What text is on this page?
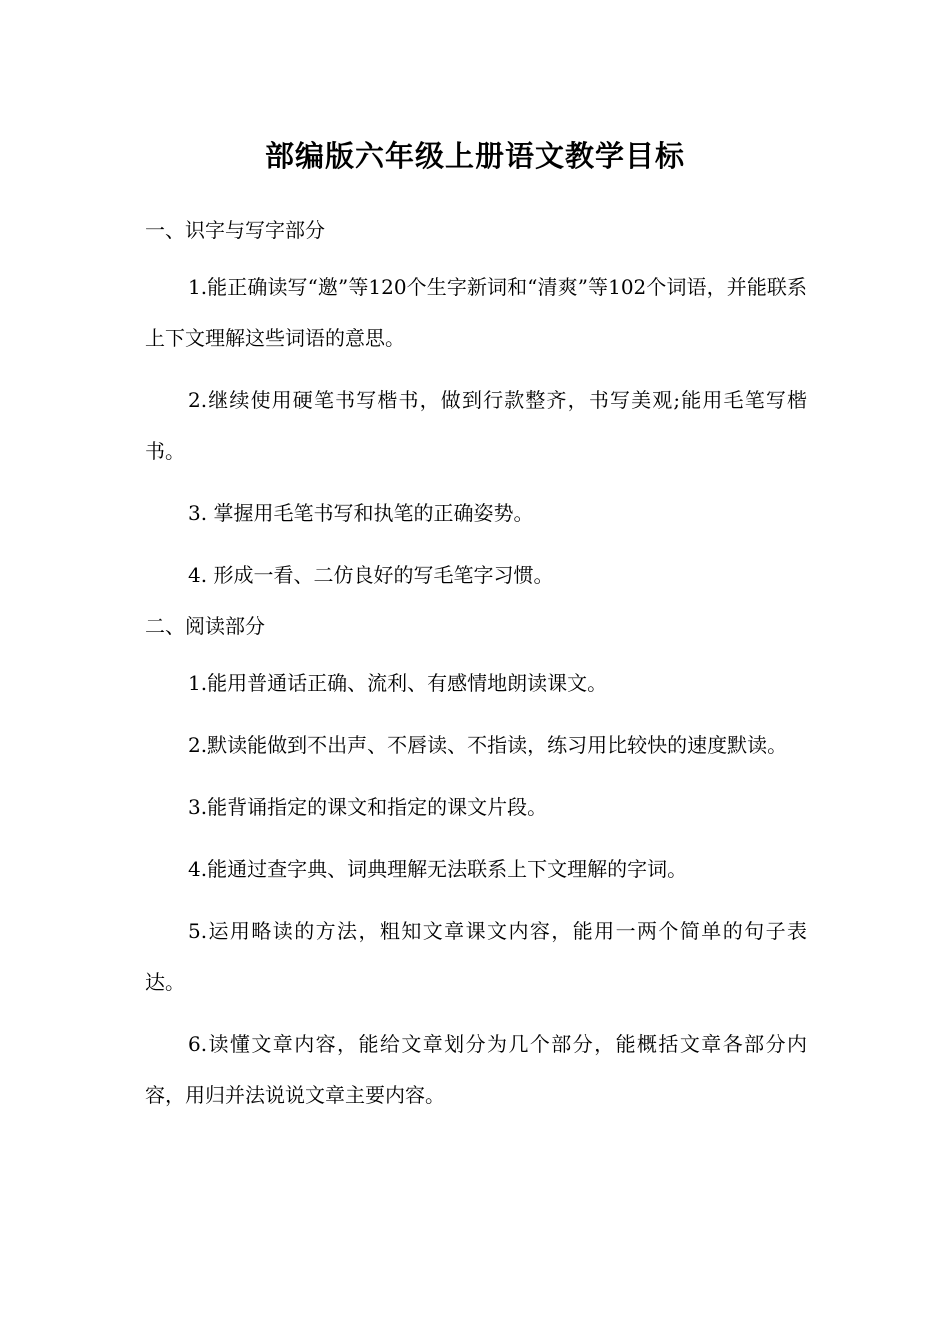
部编版六年级上册语文教学目标
一、识字与写字部分

1.能正确读写“邀”等120个生字新词和“清爽”等102个词语，并能联系上下文理解这些词语的意思。

2.继续使用硬笔书写楷书，做到行款整齐，书写美观;能用毛笔写楷书。

3. 掌握用毛笔书写和执笔的正确姿势。

4. 形成一看、二仿良好的写毛笔字习惯。

二、阅读部分

1.能用普通话正确、流利、有感情地朗读课文。

2.默读能做到不出声、不唇读、不指读，练习用比较快的速度默读。

3.能背诵指定的课文和指定的课文片段。

4.能通过查字典、词典理解无法联系上下文理解的字词。

5.运用略读的方法，粗知文章课文内容，能用一两个简单的句子表达。

6.读懂文章内容，能给文章划分为几个部分，能概括文章各部分内容，用归并法说说文章主要内容。
